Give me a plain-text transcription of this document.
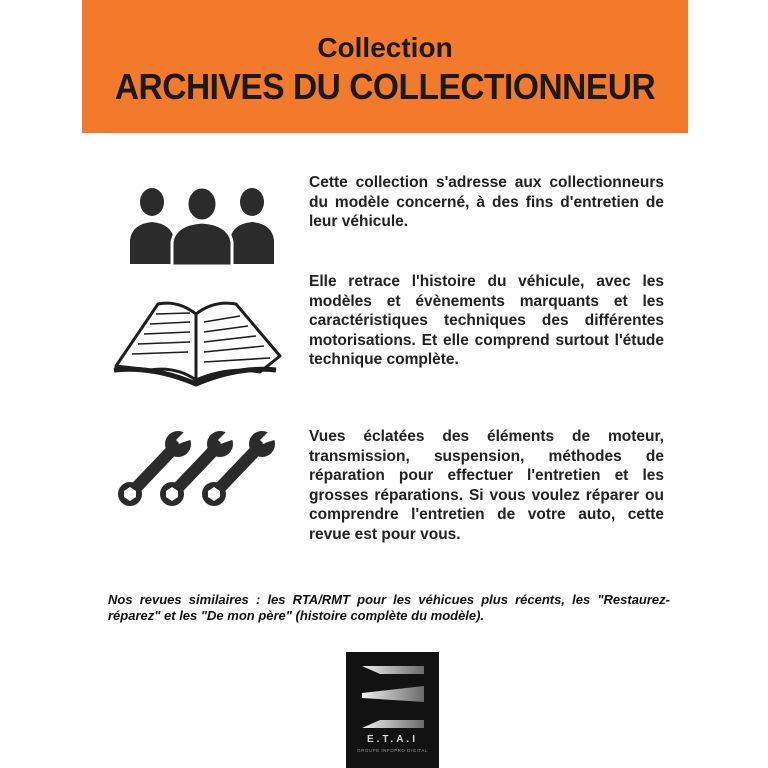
Collection
ARCHIVES DU COLLECTIONNEUR
Cette collection s'adresse aux collectionneurs du modèle concerné, à des fins d'entretien de leur véhicule.
Elle retrace l'histoire du véhicule, avec les modèles et évènements marquants et les caractéristiques techniques des différentes motorisations. Et elle comprend surtout l'étude technique complète.
Vues éclatées des éléments de moteur, transmission, suspension, méthodes de réparation pour effectuer l'entretien et les grosses réparations. Si vous voulez réparer ou comprendre l'entretien de votre auto, cette revue est pour vous.
Nos revues similaires : les RTA/RMT pour les véhicues plus récents, les "Restaurez-réparez" et les "De mon père" (histoire complète du modèle).
E.T.A.I
GROUPE INFOPRO DIGITAL
